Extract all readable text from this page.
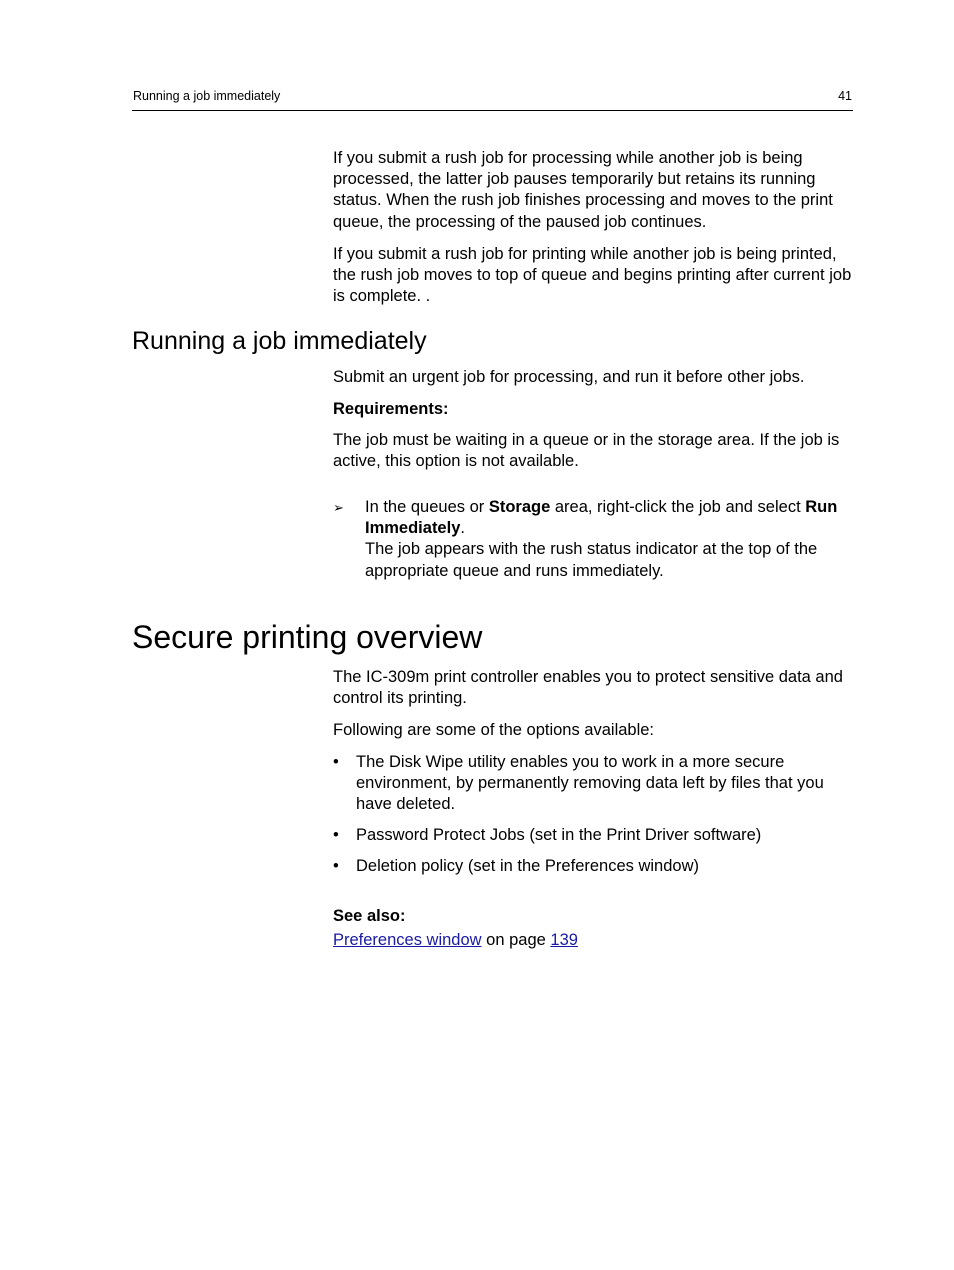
Running a job immediately	41

If you submit a rush job for processing while another job is being processed, the latter job pauses temporarily but retains its running status. When the rush job finishes processing and moves to the print queue, the processing of the paused job continues.

If you submit a rush job for printing while another job is being printed, the rush job moves to top of queue and begins printing after current job is complete. .

Running a job immediately

Submit an urgent job for processing, and run it before other jobs.

Requirements:

The job must be waiting in a queue or in the storage area. If the job is active, this option is not available.

➢ In the queues or Storage area, right-click the job and select Run Immediately.
The job appears with the rush status indicator at the top of the appropriate queue and runs immediately.
Secure printing overview

The IC-309m print controller enables you to protect sensitive data and control its printing.

Following are some of the options available:

• The Disk Wipe utility enables you to work in a more secure environment, by permanently removing data left by files that you have deleted.
• Password Protect Jobs (set in the Print Driver software)
• Deletion policy (set in the Preferences window)
See also:
Preferences window on page 139
